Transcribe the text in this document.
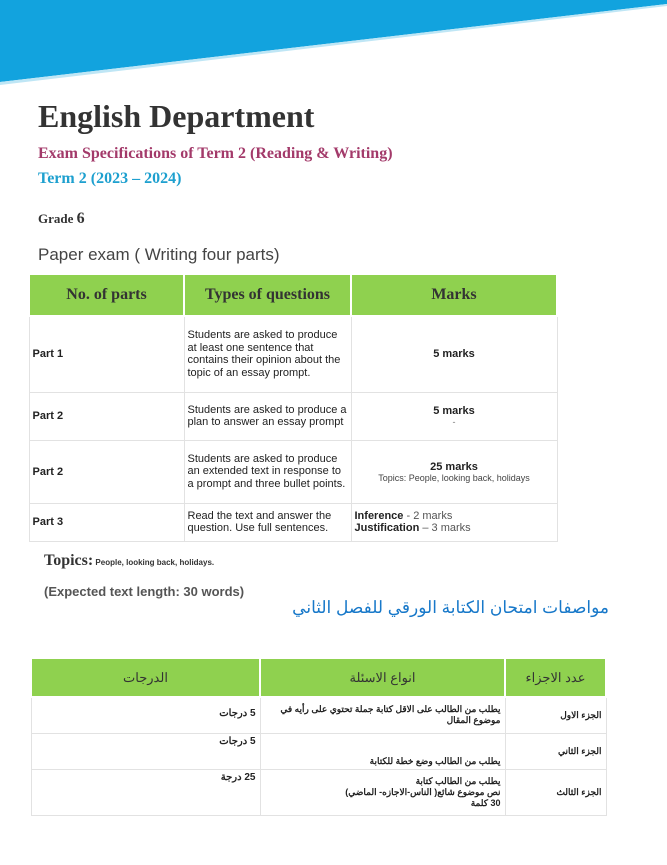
English Department
Exam Specifications of Term 2 (Reading & Writing)
Term 2 (2023 – 2024)
Grade 6
Paper exam ( Writing four parts)
No. of parts	Types of questions	Marks
Part 1	Students are asked to produce at least one sentence that contains their opinion about the topic of an essay prompt.	5 marks
Part 2	Students are asked to produce a plan to answer an essay prompt	5 marks
-

Part 2	Students are asked to produce an extended text in response to a prompt and three bullet points.	25 marks
Topics: People, looking back, holidays

Part 3	Read the text and answer the question. Use full sentences.	Inference - 2 marks
Justification – 3 marks
Topics: People, looking back, holidays.
(Expected text length: 30 words)
مواصفات امتحان الكتابة الورقي للفصل الثاني
عدد الاجزاء	انواع الاسئلة	الدرجات
الجزء الاول	يطلب من الطالب على الاقل كتابة جملة تحتوي على رأيه في موضوع المقال	5 درجات
الجزء الثاني	يطلب من الطالب وضع خطة للكتابة	5 درجات
الجزء الثالث	يطلب من الطالب كتابة
نص موضوع شائع( الناس-الاجازه- الماضي)
30 كلمة	25 درجة
